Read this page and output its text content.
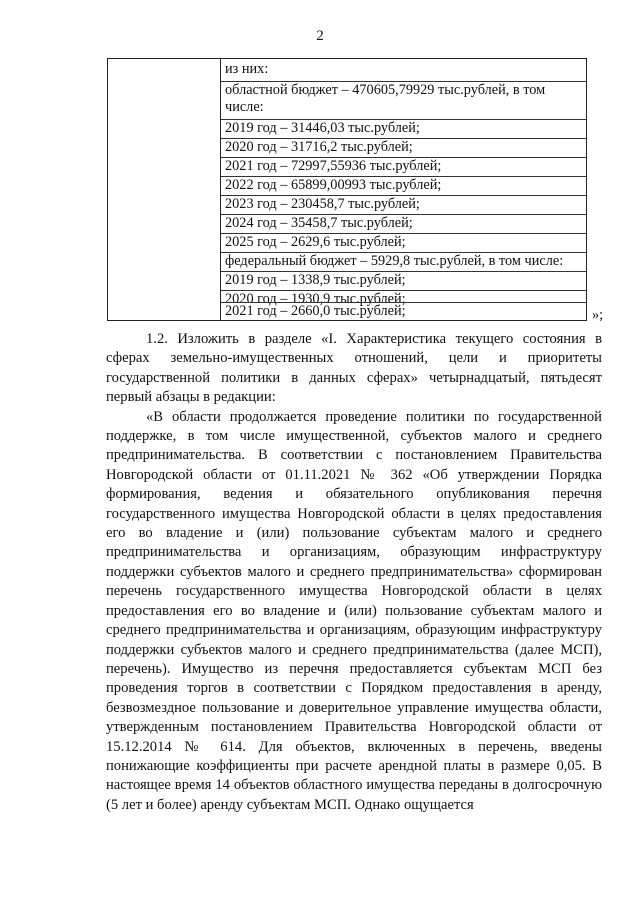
2
из них:
областной бюджет – 470605,79929 тыс.рублей, в том числе:
2019 год – 31446,03 тыс.рублей;
2020 год – 31716,2 тыс.рублей;
2021 год – 72997,55936 тыс.рублей;
2022 год – 65899,00993 тыс.рублей;
2023 год – 230458,7 тыс.рублей;
2024 год – 35458,7 тыс.рублей;
2025 год – 2629,6 тыс.рублей;
федеральный бюджет – 5929,8 тыс.рублей, в том числе:
2019 год – 1338,9 тыс.рублей;
2020 год – 1930,9 тыс.рублей;
2021 год – 2660,0 тыс.рублей;	»;

1.2. Изложить в разделе «I. Характеристика текущего состояния в сферах земельно-имущественных отношений, цели и приоритеты государственной политики в данных сферах» четырнадцатый, пятьдесят первый абзацы в редакции:

«В области продолжается проведение политики по государственной поддержке, в том числе имущественной, субъектов малого и среднего предпринимательства. В соответствии с постановлением Правительства Новгородской области от 01.11.2021 № 362 «Об утверждении Порядка формирования, ведения и обязательного опубликования перечня государственного имущества Новгородской области в целях предоставления его во владение и (или) пользование субъектам малого и среднего предпринимательства и организациям, образующим инфраструктуру поддержки субъектов малого и среднего предпринимательства» сформирован перечень государственного имущества Новгородской области в целях предоставления его во владение и (или) пользование субъектам малого и среднего предпринимательства и организациям, образующим инфраструктуру поддержки субъектов малого и среднего предпринимательства (далее МСП), перечень). Имущество из перечня предоставляется субъектам МСП без проведения торгов в соответствии с Порядком предоставления в аренду, безвозмездное пользование и доверительное управление имущества области, утвержденным постановлением Правительства Новгородской области от 15.12.2014 № 614. Для объектов, включенных в перечень, введены понижающие коэффициенты при расчете арендной платы в размере 0,05. В настоящее время 14 объектов областного имущества переданы в долгосрочную (5 лет и более) аренду субъектам МСП. Однако ощущается
